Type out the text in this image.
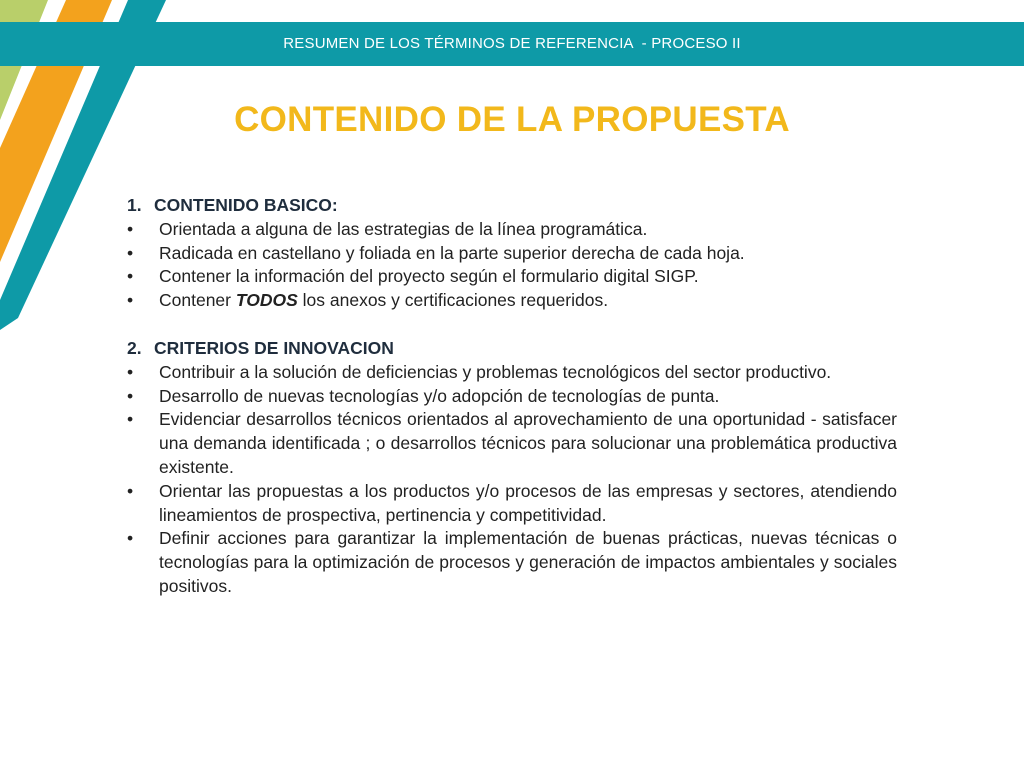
RESUMEN DE LOS TÉRMINOS DE REFERENCIA  - PROCESO II
CONTENIDO DE LA PROPUESTA
1. CONTENIDO BASICO:
•	Orientada a alguna de las estrategias de la línea programática.
•	Radicada en castellano y foliada en la parte superior derecha de cada hoja.
•	Contener la información del proyecto según el formulario digital SIGP.
•	Contener TODOS los anexos y certificaciones requeridos.
2. CRITERIOS DE INNOVACION
•	Contribuir a la solución de deficiencias y problemas tecnológicos del sector productivo.
•	Desarrollo de nuevas tecnologías y/o adopción de tecnologías de punta.
•	Evidenciar desarrollos técnicos orientados al aprovechamiento de una oportunidad - satisfacer una demanda identificada ; o desarrollos técnicos para solucionar una problemática productiva existente.
•	Orientar las propuestas a los productos y/o procesos de las empresas y sectores, atendiendo lineamientos de prospectiva, pertinencia y competitividad.
•	Definir acciones para garantizar la implementación de buenas prácticas, nuevas técnicas o tecnologías para la optimización de procesos y generación de impactos ambientales y sociales positivos.
